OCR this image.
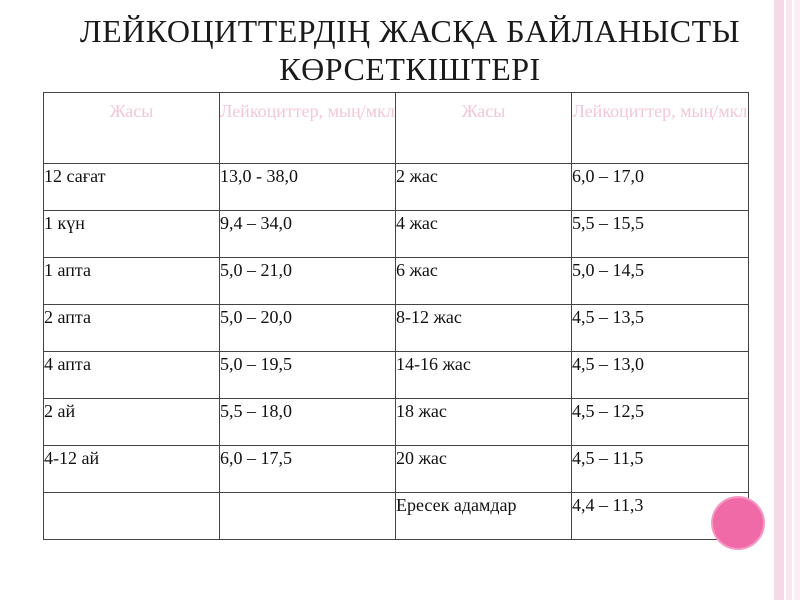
ЛЕЙКОЦИТТЕРДІҢ ЖАСҚА БАЙЛАНЫСТЫ
КӨРСЕТКІШТЕРІ
Жасы	Лейкоциттер, мың/мкл	Жасы	Лейкоциттер, мың/мкл
12 сағат	13,0 - 38,0	2 жас	6,0 – 17,0
1 күн	9,4 – 34,0	4 жас	5,5 – 15,5
1 апта	5,0 – 21,0	6 жас	5,0 – 14,5
2 апта	5,0 – 20,0	8-12 жас	4,5 – 13,5
4 апта	5,0 – 19,5	14-16 жас	4,5 – 13,0
2 ай	5,5 – 18,0	18 жас	4,5 – 12,5
4-12 ай	6,0 – 17,5	20 жас	4,5 – 11,5
		Ересек адамдар	4,4 – 11,3
